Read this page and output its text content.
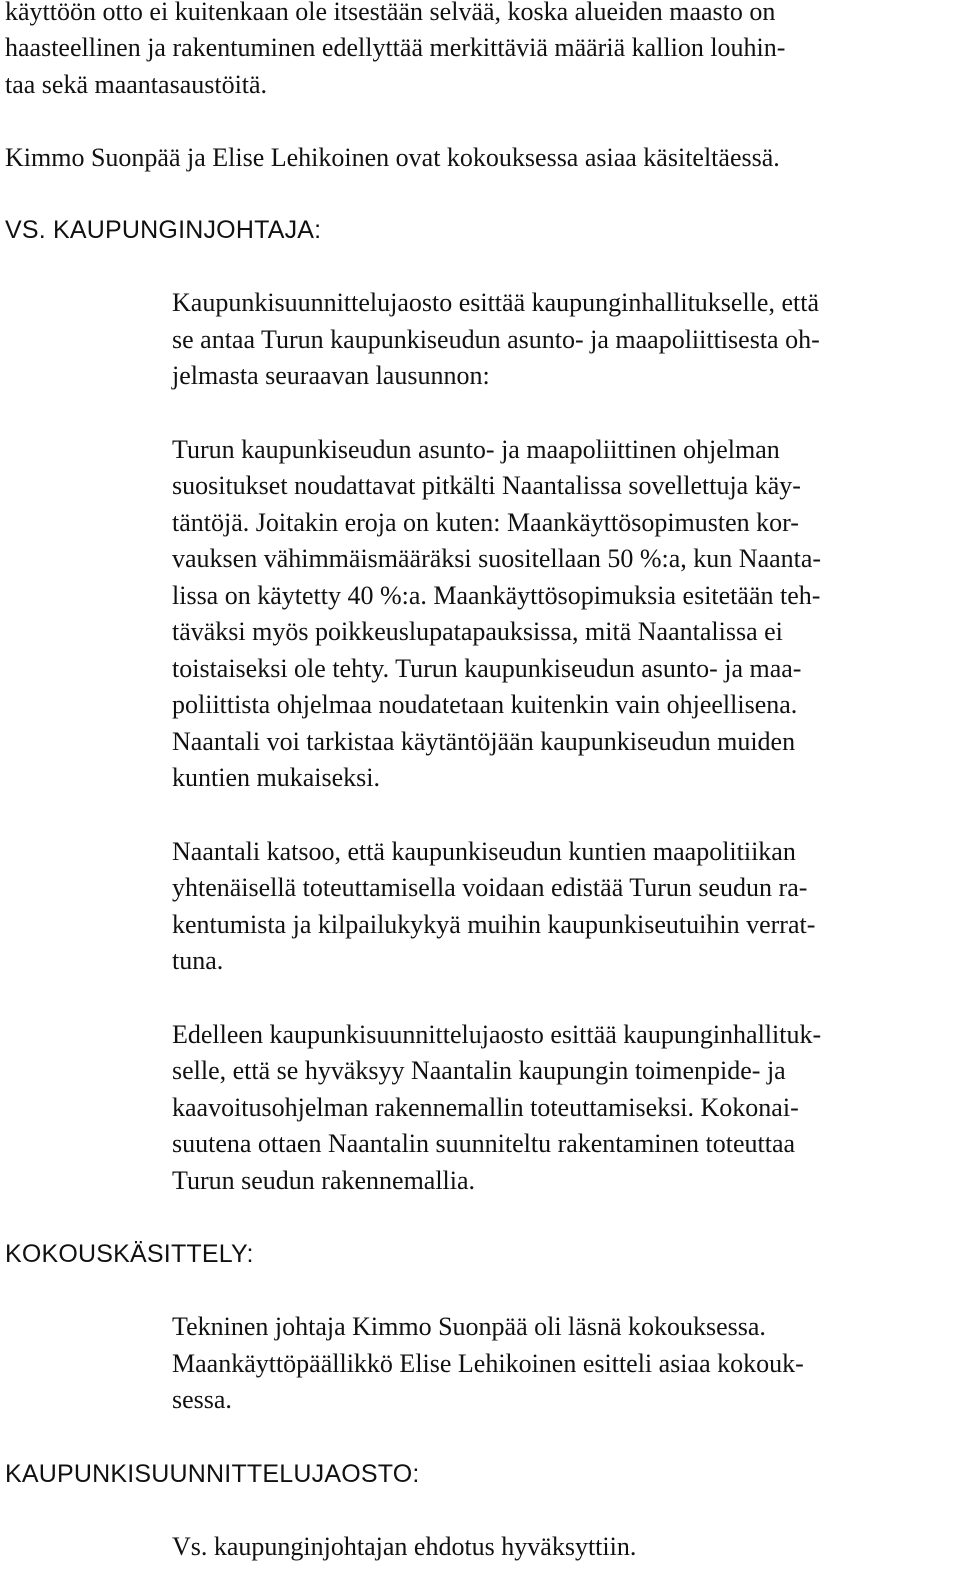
käyttöön otto ei kuitenkaan ole itsestään selvää, koska alueiden maasto on
haasteellinen ja rakentuminen edellyttää merkittäviä määriä kallion louhin-
taa sekä maantasaustöitä.
Kimmo Suonpää ja Elise Lehikoinen ovat kokouksessa asiaa käsiteltäessä.
VS. KAUPUNGINJOHTAJA:
Kaupunkisuunnittelujaosto esittää kaupunginhallitukselle, että
se antaa Turun kaupunkiseudun asunto- ja maapoliittisesta oh-
jelmasta seuraavan lausunnon:
Turun kaupunkiseudun asunto- ja maapoliittinen ohjelman
suositukset noudattavat pitkälti Naantalissa sovellettuja käy-
täntöjä. Joitakin eroja on kuten: Maankäyttösopimusten kor-
vauksen vähimmäismääräksi suositellaan 50 %:a, kun Naanta-
lissa on käytetty 40 %:a. Maankäyttösopimuksia esitetään teh-
täväksi myös poikkeuslupatapauksissa, mitä Naantalissa ei
toistaiseksi ole tehty. Turun kaupunkiseudun asunto- ja maa-
poliittista ohjelmaa noudatetaan kuitenkin vain ohjeellisena.
Naantali voi tarkistaa käytäntöjään kaupunkiseudun muiden
kuntien mukaiseksi.
Naantali katsoo, että kaupunkiseudun kuntien maapolitiikan
yhtenäisellä toteuttamisella voidaan edistää Turun seudun ra-
kentumista ja kilpailukykyä muihin kaupunkiseutuihin verrat-
tuna.
Edelleen kaupunkisuunnittelujaosto esittää kaupunginhallituk-
selle, että se hyväksyy Naantalin kaupungin toimenpide- ja
kaavoitusohjelman rakennemallin toteuttamiseksi. Kokonai-
suutena ottaen Naantalin suunniteltu rakentaminen toteuttaa
Turun seudun rakennemallia.
KOKOUSKÄSITTELY:
Tekninen johtaja Kimmo Suonpää oli läsnä kokouksessa.
Maankäyttöpäällikkö Elise Lehikoinen esitteli asiaa kokouk-
sessa.
KAUPUNKISUUNNITTELUJAOSTO:
Vs. kaupunginjohtajan ehdotus hyväksyttiin.
